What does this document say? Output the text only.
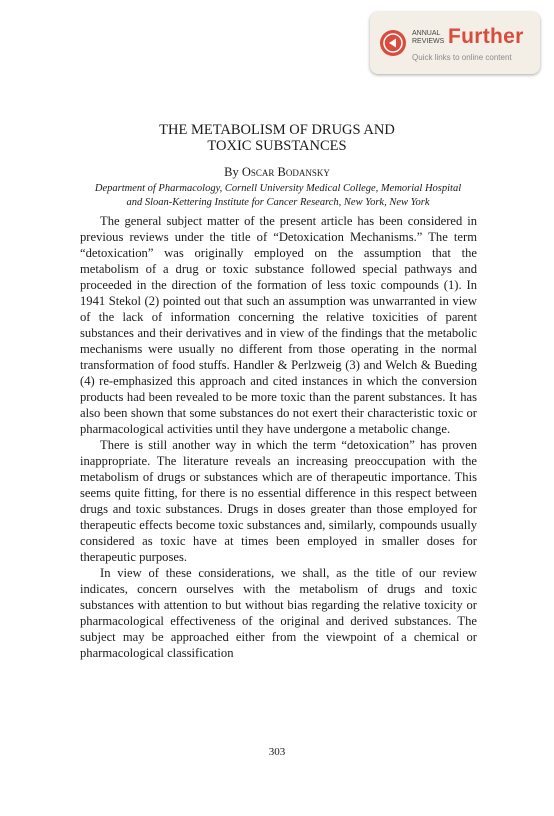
ANNUAL
REVIEWS Further
Quick links to online content
THE METABOLISM OF DRUGS AND
TOXIC SUBSTANCES
By Oscar Bodansky
Department of Pharmacology, Cornell University Medical College, Memorial Hospital
and Sloan-Kettering Institute for Cancer Research, New York, New York

The general subject matter of the present article has been considered in previous reviews under the title of “Detoxication Mechanisms.” The term “detoxication” was originally employed on the assumption that the metabolism of a drug or toxic substance followed special pathways and proceeded in the direction of the formation of less toxic compounds (1). In 1941 Stekol (2) pointed out that such an assumption was unwarranted in view of the lack of information concerning the relative toxicities of parent substances and their derivatives and in view of the findings that the metabolic mechanisms were usually no different from those operating in the normal transformation of food stuffs. Handler & Perlzweig (3) and Welch & Bueding (4) re-emphasized this approach and cited instances in which the conversion products had been revealed to be more toxic than the parent substances. It has also been shown that some substances do not exert their characteristic toxic or pharmacological activities until they have undergone a metabolic change.

There is still another way in which the term “detoxication” has proven inappropriate. The literature reveals an increasing preoccupation with the metabolism of drugs or substances which are of therapeutic importance. This seems quite fitting, for there is no essential difference in this respect between drugs and toxic substances. Drugs in doses greater than those employed for therapeutic effects become toxic substances and, similarly, compounds usually considered as toxic have at times been employed in smaller doses for therapeutic purposes.

In view of these considerations, we shall, as the title of our review indicates, concern ourselves with the metabolism of drugs and toxic substances with attention to but without bias regarding the relative toxicity or pharmacological effectiveness of the original and derived substances. The subject may be approached either from the viewpoint of a chemical or pharmacological classification

303
